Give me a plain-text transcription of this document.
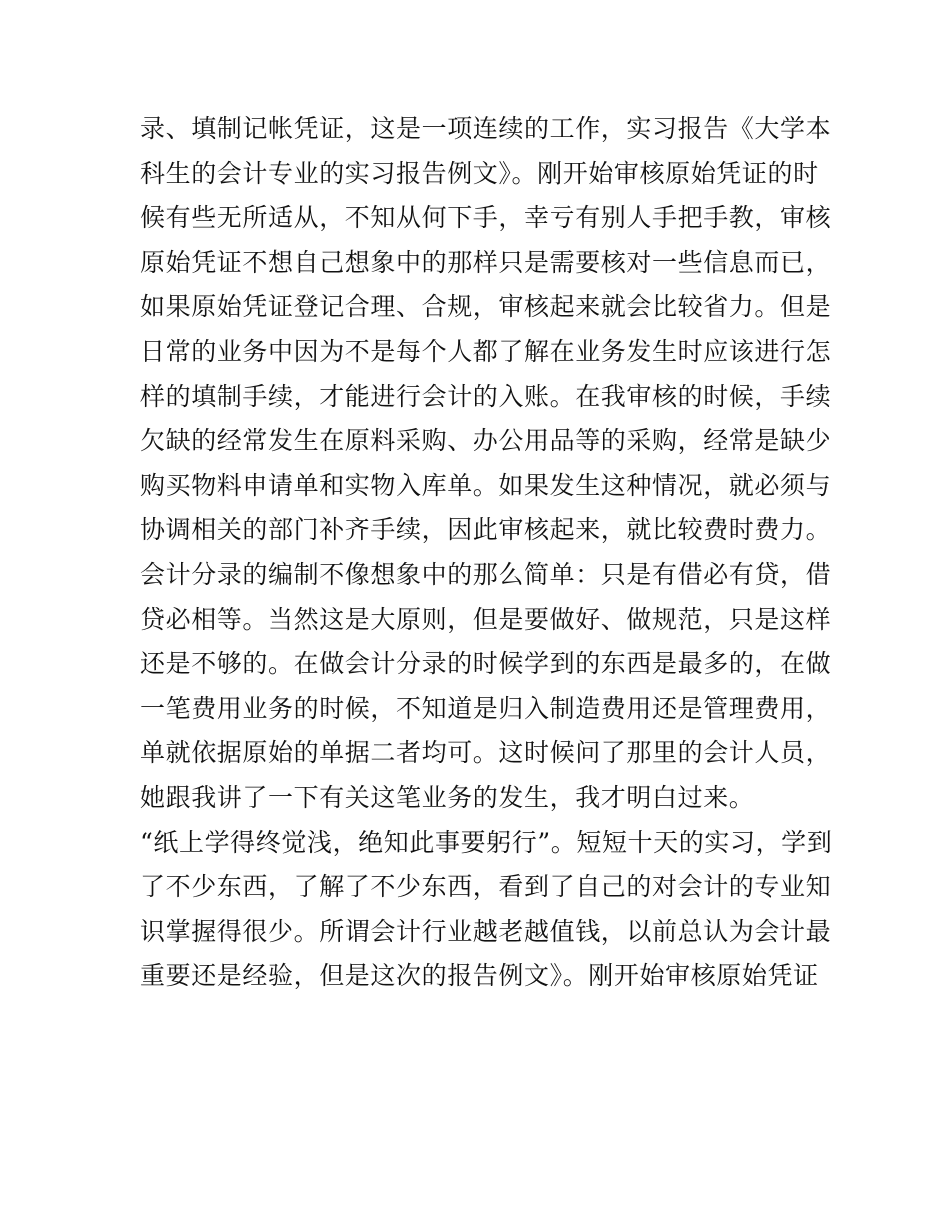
录、填制记帐凭证，这是一项连续的工作，实习报告《大学本
科生的会计专业的实习报告例文》。刚开始审核原始凭证的时
候有些无所适从，不知从何下手，幸亏有别人手把手教，审核
原始凭证不想自己想象中的那样只是需要核对一些信息而已，
如果原始凭证登记合理、合规，审核起来就会比较省力。但是
日常的业务中因为不是每个人都了解在业务发生时应该进行怎
样的填制手续，才能进行会计的入账。在我审核的时候，手续
欠缺的经常发生在原料采购、办公用品等的采购，经常是缺少
购买物料申请单和实物入库单。如果发生这种情况，就必须与
协调相关的部门补齐手续，因此审核起来，就比较费时费力。
会计分录的编制不像想象中的那么简单：只是有借必有贷，借
贷必相等。当然这是大原则，但是要做好、做规范，只是这样
还是不够的。在做会计分录的时候学到的东西是最多的，在做
一笔费用业务的时候，不知道是归入制造费用还是管理费用，
单就依据原始的单据二者均可。这时候问了那里的会计人员，
她跟我讲了一下有关这笔业务的发生，我才明白过来。
“纸上学得终觉浅，绝知此事要躬行”。短短十天的实习，学到
了不少东西，了解了不少东西，看到了自己的对会计的专业知
识掌握得很少。所谓会计行业越老越值钱，以前总认为会计最
重要还是经验，但是这次的报告例文》。刚开始审核原始凭证
